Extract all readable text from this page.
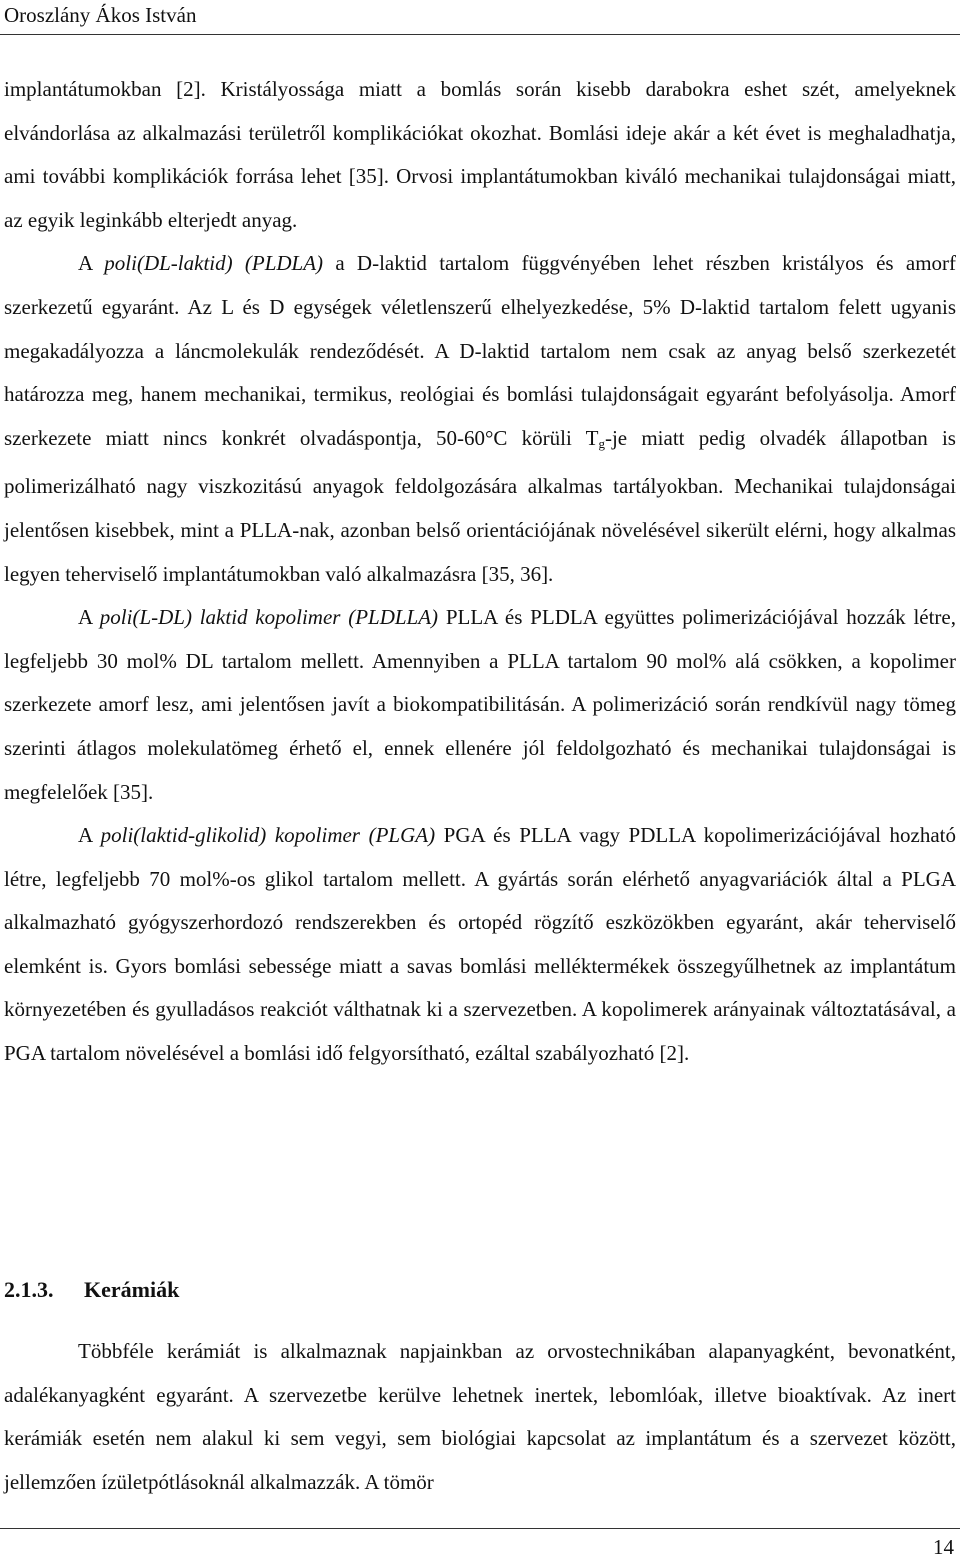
Oroszlány Ákos István

implantátumokban [2]. Kristályossága miatt a bomlás során kisebb darabokra eshet szét, amelyeknek elvándorlása az alkalmazási területről komplikációkat okozhat. Bomlási ideje akár a két évet is meghaladhatja, ami további komplikációk forrása lehet [35]. Orvosi implantátumokban kiváló mechanikai tulajdonságai miatt, az egyik leginkább elterjedt anyag.

A poli(DL-laktid) (PLDLA) a D-laktid tartalom függvényében lehet részben kristályos és amorf szerkezetű egyaránt. Az L és D egységek véletlenszerű elhelyezkedése, 5% D-laktid tartalom felett ugyanis megakadályozza a láncmolekulák rendeződését. A D-laktid tartalom nem csak az anyag belső szerkezetét határozza meg, hanem mechanikai, termikus, reológiai és bomlási tulajdonságait egyaránt befolyásolja. Amorf szerkezete miatt nincs konkrét olvadáspontja, 50-60°C körüli $T_g-je$ miatt pedig olvadék állapotban is polimerizálható nagy viszkozitású anyagok feldolgozására alkalmas tartályokban. Mechanikai tulajdonságai jelentősen kisebbek, mint a PLLA-nak, azonban belső orientációjának növelésével sikerült elérni, hogy alkalmas legyen teherviselő implantátumokban való alkalmazásra [35, 36].

A poli(L-DL) laktid kopolimer (PLDLLA) PLLA és PLDLA együttes polimerizációjával hozzák létre, legfeljebb 30 mol% DL tartalom mellett. Amennyiben a PLLA tartalom 90 mol% alá csökken, a kopolimer szerkezete amorf lesz, ami jelentősen javít a biokompatibilitásán. A polimerizáció során rendkívül nagy tömeg szerinti átlagos molekulatömeg érhető el, ennek ellenére jól feldolgozható és mechanikai tulajdonságai is megfelelőek [35].

A poli(laktid-glikolid) kopolimer (PLGA) PGA és PLLA vagy PDLLA kopolimerizációjával hozható létre, legfeljebb 70 mol%-os glikol tartalom mellett. A gyártás során elérhető anyagvariációk által a PLGA alkalmazható gyógyszerhordozó rendszerekben és ortopéd rögzítő eszközökben egyaránt, akár teherviselő elemként is. Gyors bomlási sebessége miatt a savas bomlási melléktermékek összegyűlhetnek az implantátum környezetében és gyulladásos reakciót válthatnak ki a szervezetben. A kopolimerek arányainak változtatásával, a PGA tartalom növelésével a bomlási idő felgyorsítható, ezáltal szabályozható [2].

2.1.3. Kerámiák

Többféle kerámiát is alkalmaznak napjainkban az orvostechnikában alapanyagként, bevonatként, adalékanyagként egyaránt. A szervezetbe kerülve lehetnek inertek, lebomlóak, illetve bioaktívak. Az inert kerámiák esetén nem alakul ki sem vegyi, sem biológiai kapcsolat az implantátum és a szervezet között, jellemzően ízületpótlásoknál alkalmazzák. A tömör

14
